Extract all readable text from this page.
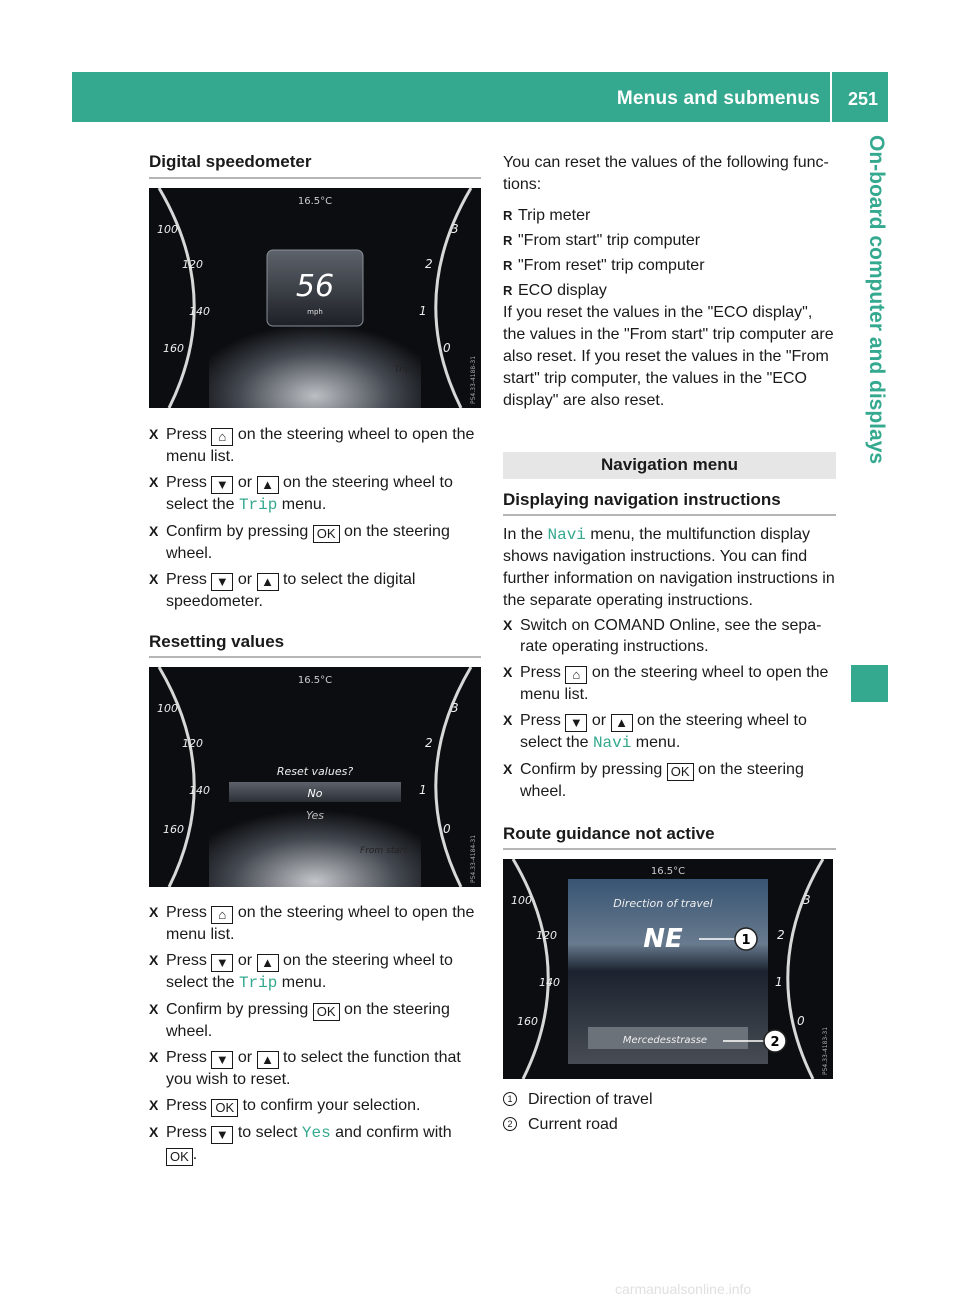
Menus and submenus 251
On-board computer and displays
Digital speedometer
56
mph
16.5°C
100
120
140
160
3
2
1
0
Trip	P54.33-4188-31
X Press ⌂ on the steering wheel to open the menu list.
X Press ▼ or ▲ on the steering wheel to select the Trip menu.
X Confirm by pressing OK on the steering wheel.
X Press ▼ or ▲ to select the digital speedometer.
Resetting values
16.5°C
Reset values?
No
Yes
100
120
140
160
3
2
1
0
From start	P54.33-4184-31
X Press ⌂ on the steering wheel to open the menu list.
X Press ▼ or ▲ on the steering wheel to select the Trip menu.
X Confirm by pressing OK on the steering wheel.
X Press ▼ or ▲ to select the function that you wish to reset.
X Press OK to confirm your selection.
X Press ▼ to select Yes and confirm with OK .
You can reset the values of the following func-tions:
R Trip meter
R "From start" trip computer
R "From reset" trip computer
R ECO display
If you reset the values in the "ECO display", the values in the "From start" trip computer are also reset. If you reset the values in the "From start" trip computer, the values in the "ECO display" are also reset.
Navigation menu
Displaying navigation instructions
In the Navi menu, the multifunction display shows navigation instructions. You can find further information on navigation instructions in the separate operating instructions.
X Switch on COMAND Online, see the sepa-rate operating instructions.
X Press ⌂ on the steering wheel to open the menu list.
X Press ▼ or ▲ on the steering wheel to select the Navi menu.
X Confirm by pressing OK on the steering wheel.
Route guidance not active
16.5°C
Direction of travel
NE
Mercedesstrasse
1
2
100
120
140
160
3
2
1
0
P54.33-4183-31
1 Direction of travel
2 Current road
carmanualsonline.info
